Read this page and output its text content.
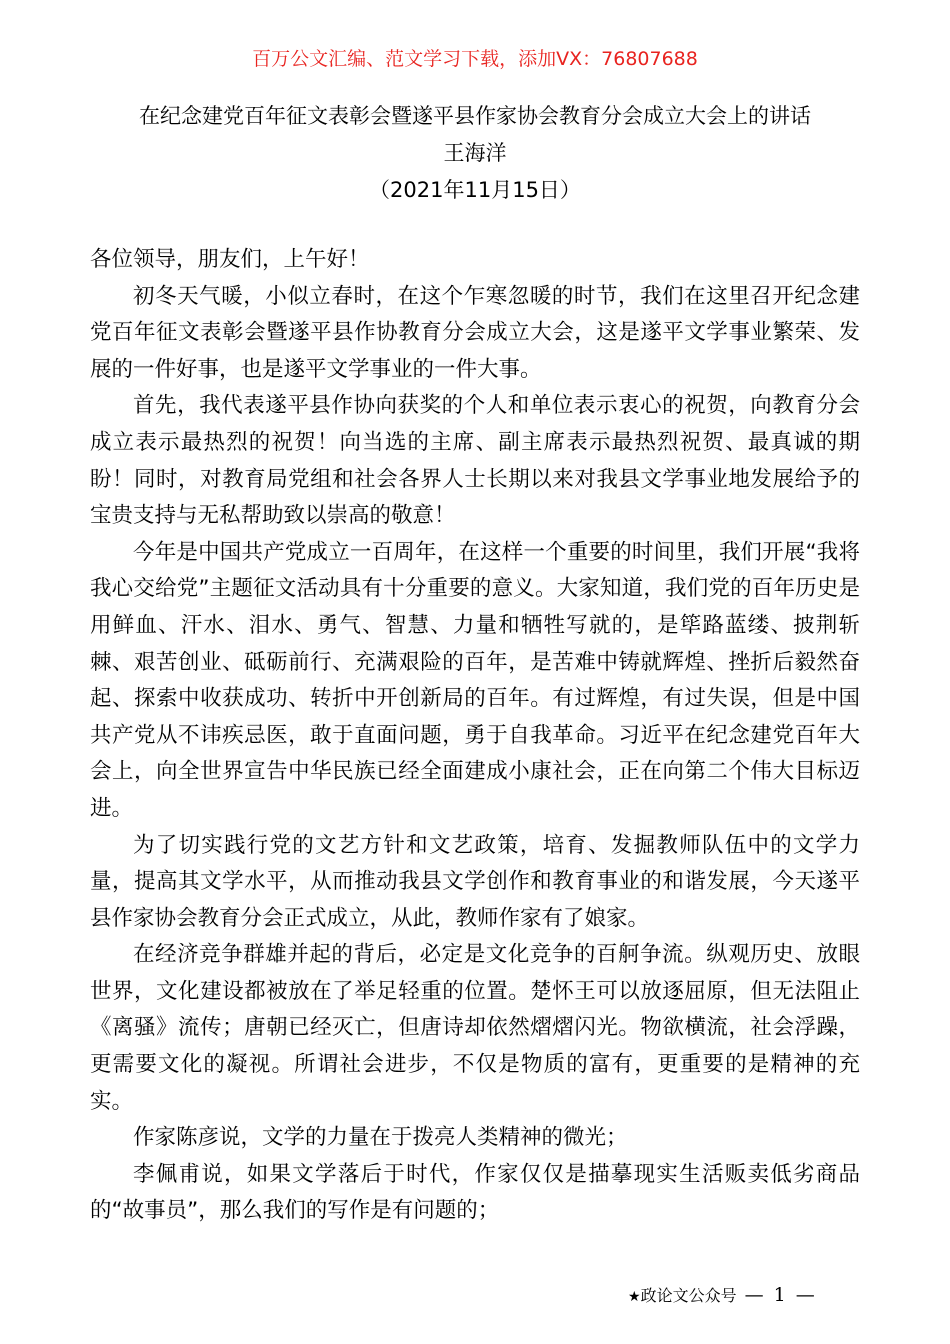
百万公文汇编、范文学习下载，添加VX：76807688
在纪念建党百年征文表彰会暨遂平县作家协会教育分会成立大会上的讲话
王海洋
（2021年11月15日）

各位领导，朋友们，上午好！

初冬天气暖，小似立春时，在这个乍寒忽暖的时节，我们在这里召开纪念建党百年征文表彰会暨遂平县作协教育分会成立大会，这是遂平文学事业繁荣、发展的一件好事，也是遂平文学事业的一件大事。

首先，我代表遂平县作协向获奖的个人和单位表示衷心的祝贺，向教育分会成立表示最热烈的祝贺！向当选的主席、副主席表示最热烈祝贺、最真诚的期盼！同时，对教育局党组和社会各界人士长期以来对我县文学事业地发展给予的宝贵支持与无私帮助致以崇高的敬意！

今年是中国共产党成立一百周年，在这样一个重要的时间里，我们开展“我将我心交给党”主题征文活动具有十分重要的意义。大家知道，我们党的百年历史是用鲜血、汗水、泪水、勇气、智慧、力量和牺牲写就的，是筚路蓝缕、披荆斩棘、艰苦创业、砥砺前行、充满艰险的百年，是苦难中铸就辉煌、挫折后毅然奋起、探索中收获成功、转折中开创新局的百年。有过辉煌，有过失误，但是中国共产党从不讳疾忌医，敢于直面问题，勇于自我革命。习近平在纪念建党百年大会上，向全世界宣告中华民族已经全面建成小康社会，正在向第二个伟大目标迈进。

为了切实践行党的文艺方针和文艺政策，培育、发掘教师队伍中的文学力量，提高其文学水平，从而推动我县文学创作和教育事业的和谐发展，今天遂平县作家协会教育分会正式成立，从此，教师作家有了娘家。

在经济竞争群雄并起的背后，必定是文化竞争的百舸争流。纵观历史、放眼世界，文化建设都被放在了举足轻重的位置。楚怀王可以放逐屈原，但无法阻止《离骚》流传；唐朝已经灭亡，但唐诗却依然熠熠闪光。物欲横流，社会浮躁，更需要文化的凝视。所谓社会进步，不仅是物质的富有，更重要的是精神的充实。

作家陈彦说，文学的力量在于拨亮人类精神的微光；

李佩甫说，如果文学落后于时代，作家仅仅是描摹现实生活贩卖低劣商品的“故事员”，那么我们的写作是有问题的；

★政论文公众号 — 1 —
